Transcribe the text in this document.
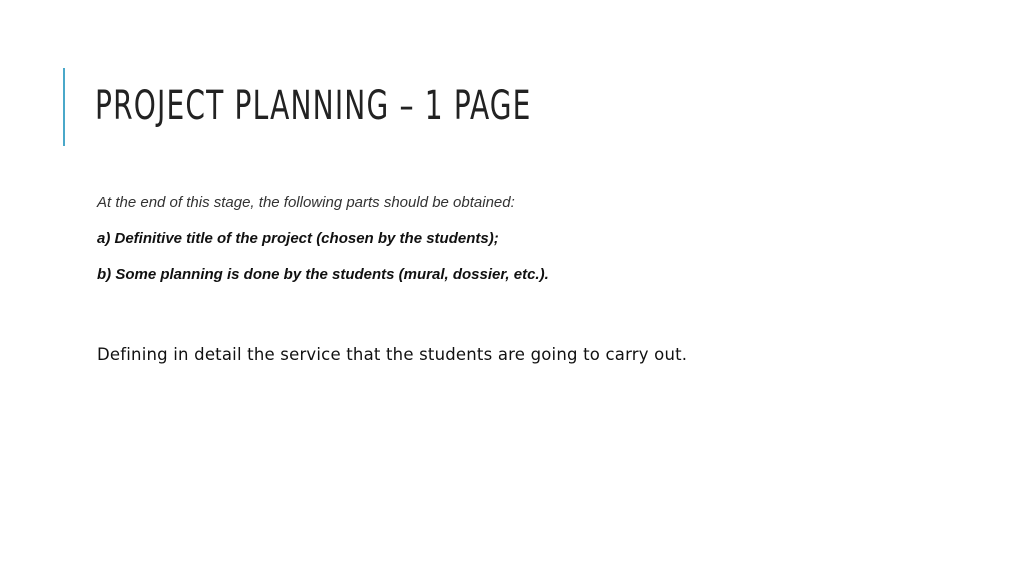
PROJECT PLANNING – 1 PAGE

At the end of this stage, the following parts should be obtained:

a) Definitive title of the project (chosen by the students);

b) Some planning is done by the students (mural, dossier, etc.).

Defining in detail the service that the students are going to carry out.
